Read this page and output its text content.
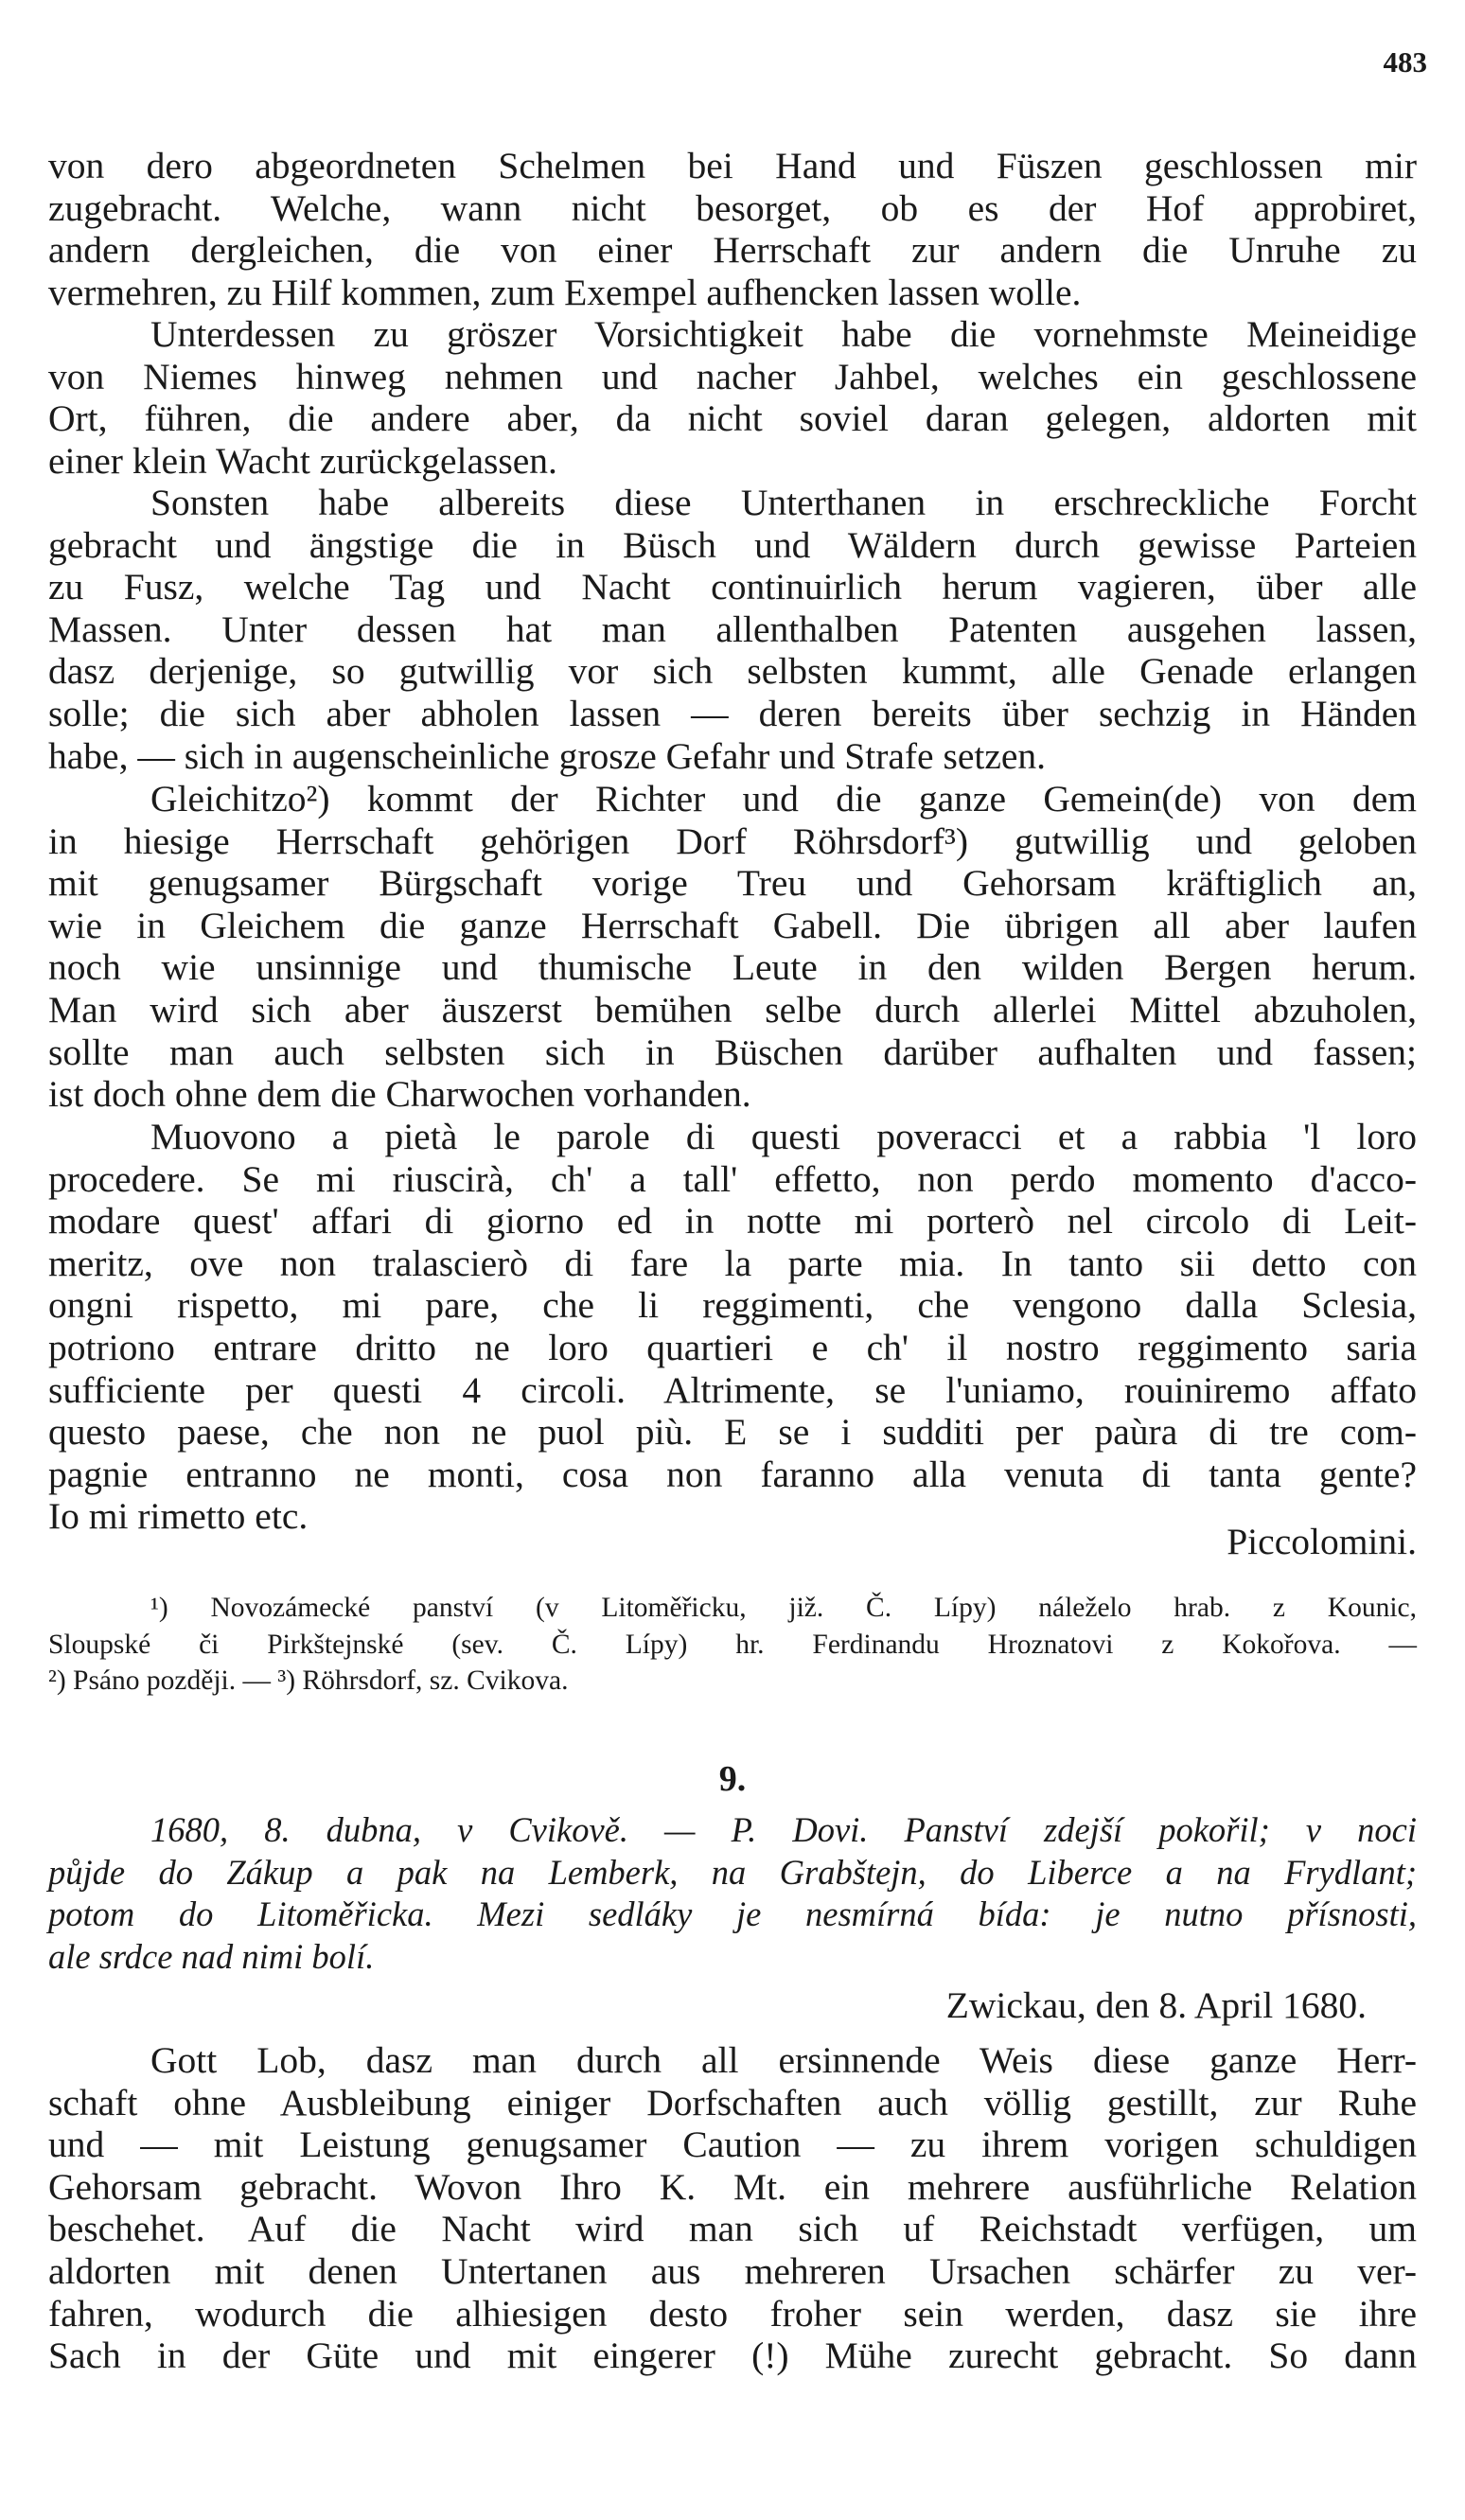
483

von dero abgeordneten Schelmen bei Hand und Füszen geschlossen mir
zugebracht. Welche, wann nicht besorget, ob es der Hof approbiret,
andern dergleichen, die von einer Herrschaft zur andern die Unruhe zu
vermehren, zu Hilf kommen, zum Exempel aufhencken lassen wolle.

Unterdessen zu gröszer Vorsichtigkeit habe die vornehmste Meineidige
von Niemes hinweg nehmen und nacher Jahbel, welches ein geschlossene
Ort, führen, die andere aber, da nicht soviel daran gelegen, aldorten mit
einer klein Wacht zurückgelassen.

Sonsten habe albereits diese Unterthanen in erschreckliche Forcht
gebracht und ängstige die in Büsch und Wäldern durch gewisse Parteien
zu Fusz, welche Tag und Nacht continuirlich herum vagieren, über alle
Massen. Unter dessen hat man allenthalben Patenten ausgehen lassen,
dasz derjenige, so gutwillig vor sich selbsten kummt, alle Genade erlangen
solle; die sich aber abholen lassen — deren bereits über sechzig in Händen
habe, — sich in augenscheinliche grosze Gefahr und Strafe setzen.

Gleichitzo²) kommt der Richter und die ganze Gemein(de) von dem
in hiesige Herrschaft gehörigen Dorf Röhrsdorf³) gutwillig und geloben
mit genugsamer Bürgschaft vorige Treu und Gehorsam kräftiglich an,
wie in Gleichem die ganze Herrschaft Gabell. Die übrigen all aber laufen
noch wie unsinnige und thumische Leute in den wilden Bergen herum.
Man wird sich aber äuszerst bemühen selbe durch allerlei Mittel abzuholen,
sollte man auch selbsten sich in Büschen darüber aufhalten und fassen;
ist doch ohne dem die Charwochen vorhanden.

Muovono a pietà le parole di questi poveracci et a rabbia 'l loro
procedere. Se mi riuscirà, ch' a tall' effetto, non perdo momento d'acco-
modare quest' affari di giorno ed in notte mi porterò nel circolo di Leit-
meritz, ove non tralascierò di fare la parte mia. In tanto sii detto con
ongni rispetto, mi pare, che li reggimenti, che vengono dalla Sclesia,
potriono entrare dritto ne loro quartieri e ch' il nostro reggimento saria
sufficiente per questi 4 circoli. Altrimente, se l'uniamo, rouiniremo affato
questo paese, che non ne puol più. E se i sudditi per paùra di tre com-
pagnie entranno ne monti, cosa non faranno alla venuta di tanta gente?
Io mi rimetto etc.

Piccolomini.

¹) Novozámecké panství (v Litoměřicku, již. Č. Lípy) náleželo hrab. z Kounic,
Sloupské či Pirkštejnské (sev. Č. Lípy) hr. Ferdinandu Hroznatovi z Kokořova. —
²) Psáno později. — ³) Röhrsdorf, sz. Cvikova.

9.

1680, 8. dubna, v Cvikově. — P. Dovi. Panství zdejší pokořil; v noci
půjde do Zákup a pak na Lemberk, na Grabštejn, do Liberce a na Frydlant;
potom do Litoměřicka. Mezi sedláky je nesmírná bída: je nutno přísnosti,
ale srdce nad nimi bolí.

Zwickau, den 8. April 1680.

Gott Lob, dasz man durch all ersinnende Weis diese ganze Herr-
schaft ohne Ausbleibung einiger Dorfschaften auch völlig gestillt, zur Ruhe
und — mit Leistung genugsamer Caution — zu ihrem vorigen schuldigen
Gehorsam gebracht. Wovon Ihro K. Mt. ein mehrere ausführliche Relation
beschehet. Auf die Nacht wird man sich uf Reichstadt verfügen, um
aldorten mit denen Untertanen aus mehreren Ursachen schärfer zu ver-
fahren, wodurch die alhiesigen desto froher sein werden, dasz sie ihre
Sach in der Güte und mit eingerer (!) Mühe zurecht gebracht. So dann
